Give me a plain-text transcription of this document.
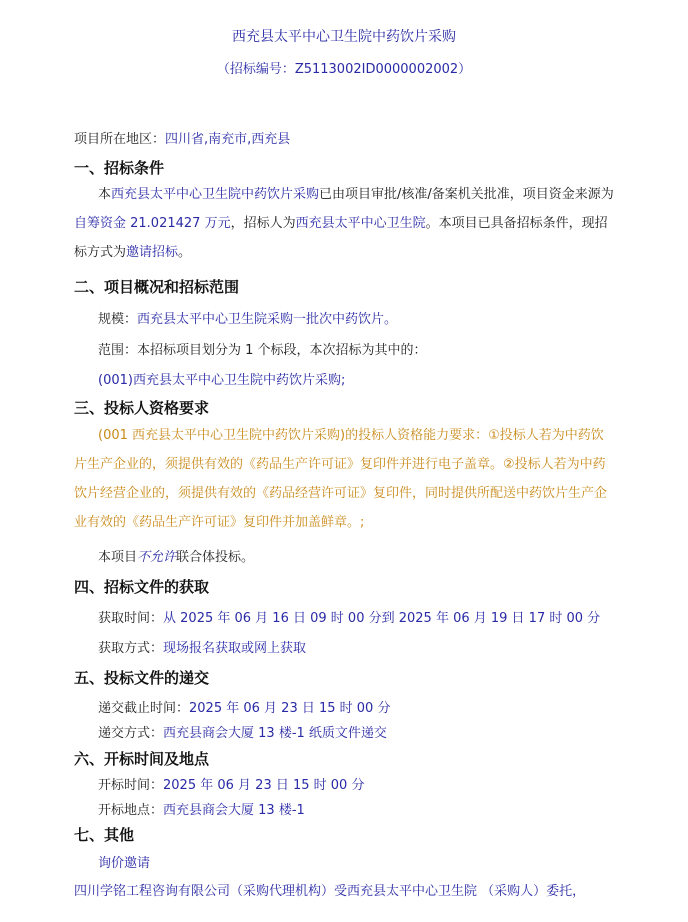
西充县太平中心卫生院中药饮片采购
（招标编号：Z5113002ID0000002002）
项目所在地区：四川省,南充市,西充县
一、招标条件
本西充县太平中心卫生院中药饮片采购已由项目审批/核准/备案机关批准，项目资金来源为自筹资金 21.021427 万元，招标人为西充县太平中心卫生院。本项目已具备招标条件，现招标方式为邀请招标。
二、项目概况和招标范围
规模：西充县太平中心卫生院采购一批次中药饮片。
范围：本招标项目划分为 1 个标段，本次招标为其中的：
(001)西充县太平中心卫生院中药饮片采购;
三、投标人资格要求
(001 西充县太平中心卫生院中药饮片采购)的投标人资格能力要求：①投标人若为中药饮片生产企业的，须提供有效的《药品生产许可证》复印件并进行电子盖章。②投标人若为中药饮片经营企业的，须提供有效的《药品经营许可证》复印件，同时提供所配送中药饮片生产企业有效的《药品生产许可证》复印件并加盖鲜章。;
本项目不允许联合体投标。
四、招标文件的获取
获取时间：从 2025 年 06 月 16 日 09 时 00 分到 2025 年 06 月 19 日 17 时 00 分
获取方式：现场报名获取或网上获取
五、投标文件的递交
递交截止时间：2025 年 06 月 23 日 15 时 00 分
递交方式：西充县商会大厦 13 楼-1 纸质文件递交
六、开标时间及地点
开标时间：2025 年 06 月 23 日 15 时 00 分
开标地点：西充县商会大厦 13 楼-1
七、其他
询价邀请
四川学铭工程咨询有限公司（采购代理机构）受西充县太平中心卫生院 （采购人）委托，
